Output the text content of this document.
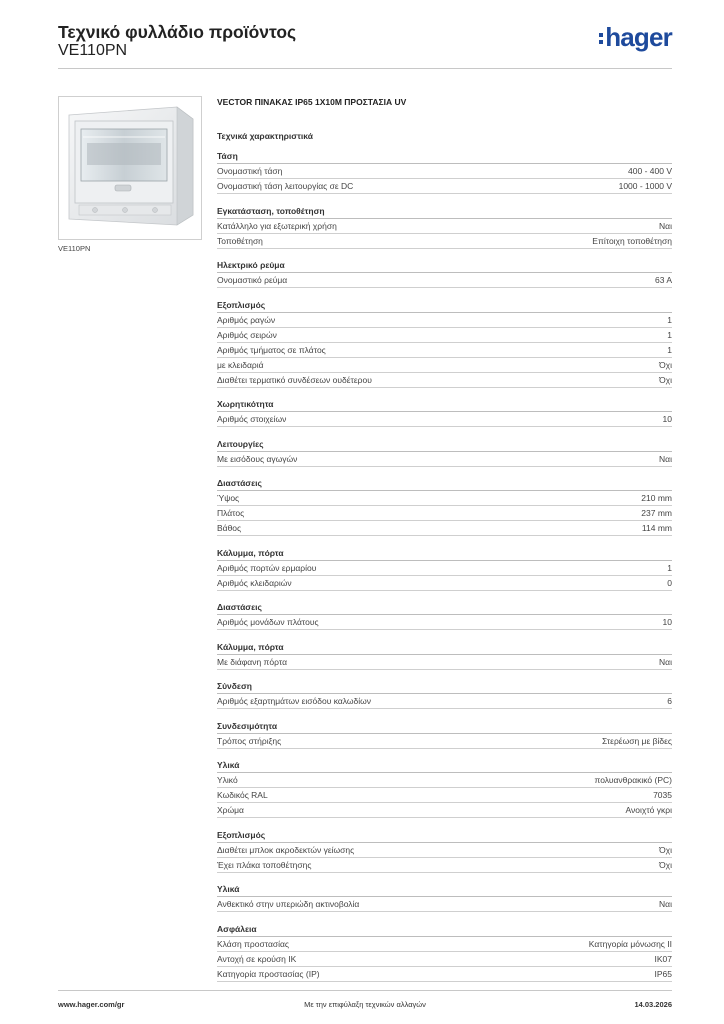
Τεχνικό φυλλάδιο προϊόντος
VE110PN	hager
VE110PN
VECTOR ΠΙΝΑΚΑΣ IP65 1X10M ΠΡΟΣΤΑΣΙΑ UV
Τεχνικά χαρακτηριστικά
Τάση
Ονομαστική τάση	400 - 400 V
Ονομαστική τάση λειτουργίας σε DC	1000 - 1000 V
Εγκατάσταση, τοποθέτηση
Κατάλληλο για εξωτερική χρήση	Ναι
Τοποθέτηση	Επίτοιχη τοποθέτηση
Ηλεκτρικό ρεύμα
Ονομαστικό ρεύμα	63 A
Εξοπλισμός
Αριθμός ραγών	1
Αριθμός σειρών	1
Αριθμός τμήματος σε πλάτος	1
με κλειδαριά	Όχι
Διαθέτει τερματικό συνδέσεων ουδέτερου	Όχι
Χωρητικότητα
Αριθμός στοιχείων	10
Λειτουργίες
Με εισόδους αγωγών	Ναι
Διαστάσεις
Ύψος	210 mm
Πλάτος	237 mm
Βάθος	114 mm
Κάλυμμα, πόρτα
Αριθμός πορτών ερμαρίου	1
Αριθμός κλειδαριών	0
Διαστάσεις
Αριθμός μονάδων πλάτους	10
Κάλυμμα, πόρτα
Με διάφανη πόρτα	Ναι
Σύνδεση
Αριθμός εξαρτημάτων εισόδου καλωδίων	6
Συνδεσιμότητα
Τρόπος στήριξης	Στερέωση με βίδες
Υλικά
Υλικό	πολυανθρακικό (PC)
Κωδικός RAL	7035
Χρώμα	Ανοιχτό γκρι
Εξοπλισμός
Διαθέτει μπλοκ ακροδεκτών γείωσης	Όχι
Έχει πλάκα τοποθέτησης	Όχι
Υλικά
Ανθεκτικό στην υπεριώδη ακτινοβολία	Ναι
Ασφάλεια
Κλάση προστασίας	Κατηγορία μόνωσης II
Αντοχή σε κρούση IK	IK07
Κατηγορία προστασίας (IP)	IP65
www.hager.com/gr	Με την επιφύλαξη τεχνικών αλλαγών	14.03.2026
